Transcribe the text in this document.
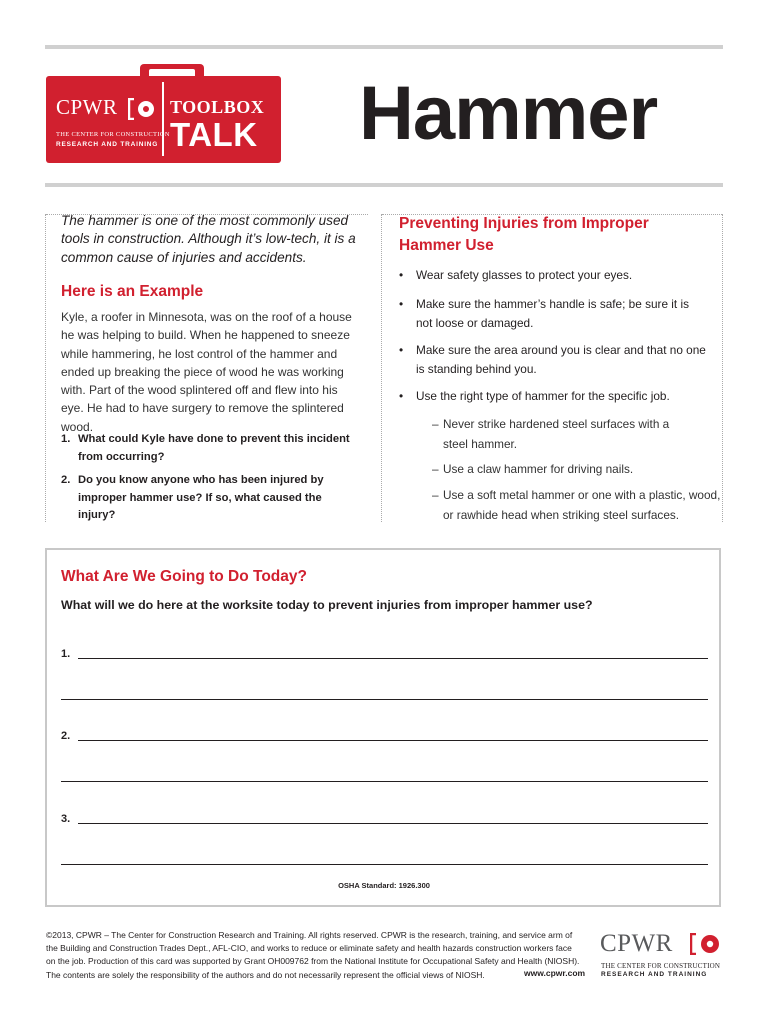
CPWR
THE CENTER FOR CONSTRUCTION
RESEARCH AND TRAINING
TOOLBOX
TALK Hammer
The hammer is one of the most commonly used tools in construction. Although it’s low-tech, it is a common cause of injuries and accidents.
Here is an Example
Kyle, a roofer in Minnesota, was on the roof of a house he was helping to build. When he happened to sneeze while hammering, he lost control of the hammer and ended up breaking the piece of wood he was working with. Part of the wood splintered off and flew into his eye. He had to have surgery to remove the splintered wood.
1. What could Kyle have done to prevent this incident from occurring?
2. Do you know anyone who has been injured by improper hammer use? If so, what caused the injury?
Preventing Injuries from Improper
Hammer Use
• Wear safety glasses to protect your eyes.
• Make sure the hammer’s handle is safe; be sure it is not loose or damaged.
• Make sure the area around you is clear and that no one is standing behind you.
• Use the right type of hammer for the specific job.
– Never strike hardened steel surfaces with a steel hammer.
– Use a claw hammer for driving nails.
– Use a soft metal hammer or one with a plastic, wood, or rawhide head when striking steel surfaces.
What Are We Going to Do Today?
What will we do here at the worksite today to prevent injuries from improper hammer use?
1.
2.
3.
OSHA Standard: 1926.300
©2013, CPWR – The Center for Construction Research and Training. All rights reserved. CPWR is the research, training, and service arm of
the Building and Construction Trades Dept., AFL-CIO, and works to reduce or eliminate safety and health hazards construction workers face
on the job. Production of this card was supported by Grant OH009762 from the National Institute for Occupational Safety and Health (NIOSH).
The contents are solely the responsibility of the authors and do not necessarily represent the official views of NIOSH.	www.cpwr.com
CPWR
THE CENTER FOR CONSTRUCTION
RESEARCH AND TRAINING
